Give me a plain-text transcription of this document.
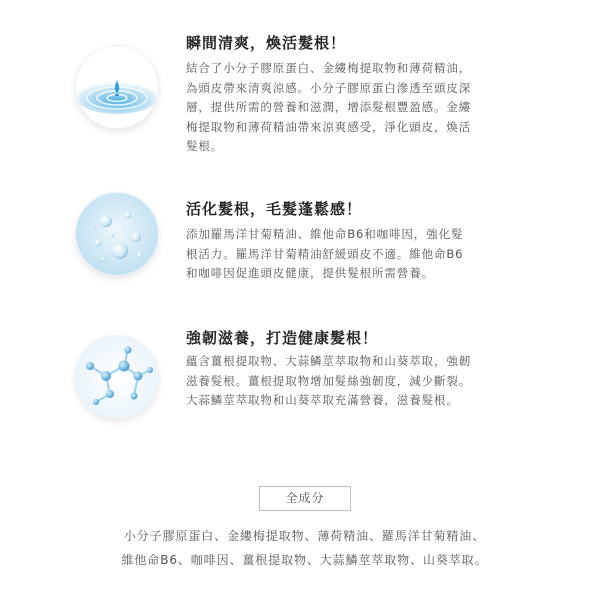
瞬間清爽，煥活髮根！
結合了小分子膠原蛋白、金縷梅提取物和薄荷精油，
為頭皮帶來清爽涼感。小分子膠原蛋白滲透至頭皮深
層，提供所需的營養和滋潤，增添髮根豐盈感。金縷
梅提取物和薄荷精油帶來涼爽感受，淨化頭皮，煥活
髮根。
活化髮根，毛髮蓬鬆感！
添加羅馬洋甘菊精油、維他命B6和咖啡因，強化髮
根活力。羅馬洋甘菊精油舒緩頭皮不適。維他命B6
和咖啡因促進頭皮健康，提供髮根所需營養。
強韌滋養，打造健康髮根！
蘊含薑根提取物、大蒜鱗莖萃取物和山葵萃取，強韌
滋養髮根。薑根提取物增加髮絲強韌度，減少斷裂。
大蒜鱗莖萃取物和山葵萃取充滿營養，滋養髮根。
全成分
小分子膠原蛋白、金縷梅提取物、薄荷精油、羅馬洋甘菊精油、
維他命B6、咖啡因、薑根提取物、大蒜鱗莖萃取物、山葵萃取。
